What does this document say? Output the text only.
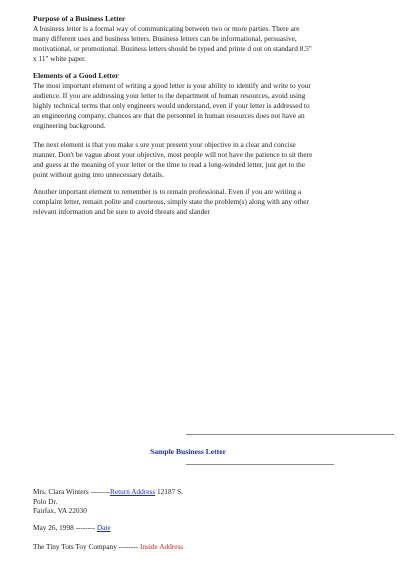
Purpose of a Business Letter

A business letter is a formal way of communicating between two or more parties. There are
many different uses and business letters. Business letters can be informational, persuasive,
motivational, or promotional. Business letters should be typed and printe d out on standard 8.5"
x 11" white paper.

Elements of a Good Letter

The most important element of writing a good letter is your ability to identify and write to your
audience. If you are addressing your letter to the department of human resources, avoid using
highly technical terms that only engineers would understand, even if your letter is addressed to
an engineering company, chances are that the personnel in human resources does not have an
engineering background.

The next element is that you make s ure your present your objective in a clear and concise
manner. Don't be vague about your objective, most people will not have the patience to sit there
and guess at the meaning of your letter or the time to read a long-winded letter, just get to the
point without going into unnecessary details.

Another important element to remember is to remain professional. Even if you are writing a
complaint letter, remain polite and courteous, simply state the problem(s) along with any other
relevant information and be sure to avoid threats and slander

Sample Business Letter

Mrs. Clara Winters --------Return Address 12187 S.

Polo Dr.

Fairfax, VA 22030

May 26, 1998 -------- Date

The Tiny Tots Toy Company -------- Inside Address
